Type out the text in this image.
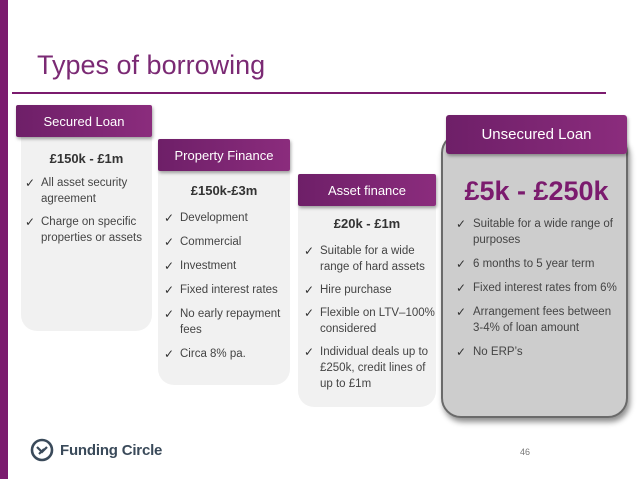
Types of borrowing
Secured Loan
£150k - £1m
✓ All asset security agreement
✓ Charge on specific properties or assets
Property Finance
£150k-£3m
✓ Development
✓ Commercial
✓ Investment
✓ Fixed interest rates
✓ No early repayment fees
✓ Circa 8% pa.
Asset finance
£20k - £1m
✓ Suitable for a wide range of hard assets
✓ Hire purchase
✓ Flexible on LTV–100% considered
✓ Individual deals up to £250k, credit lines of up to £1m
Unsecured Loan
£5k - £250k
✓ Suitable for a wide range of purposes
✓ 6 months to 5 year term
✓ Fixed interest rates from 6%
✓ Arrangement fees between 3-4% of loan amount
✓ No ERP’s
Funding Circle	46
